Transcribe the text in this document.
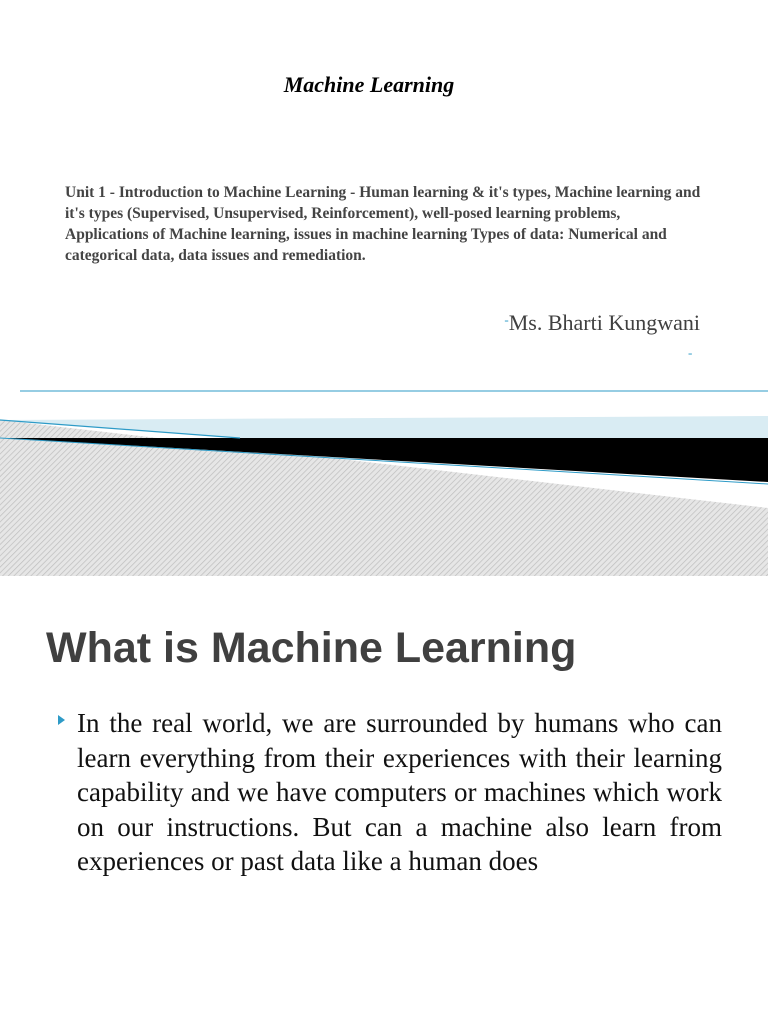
Machine Learning
Unit 1 - Introduction to Machine Learning - Human learning & it's types, Machine learning and it's types (Supervised, Unsupervised, Reinforcement), well-posed learning problems, Applications of Machine learning, issues in machine learning Types of data: Numerical and categorical data, data issues and remediation.
-Ms. Bharti Kungwani
-
What is Machine Learning
In the real world, we are surrounded by humans who can learn everything from their experiences with their learning capability and we have computers or machines which work on our instructions. But can a machine also learn from experiences or past data like a human does
